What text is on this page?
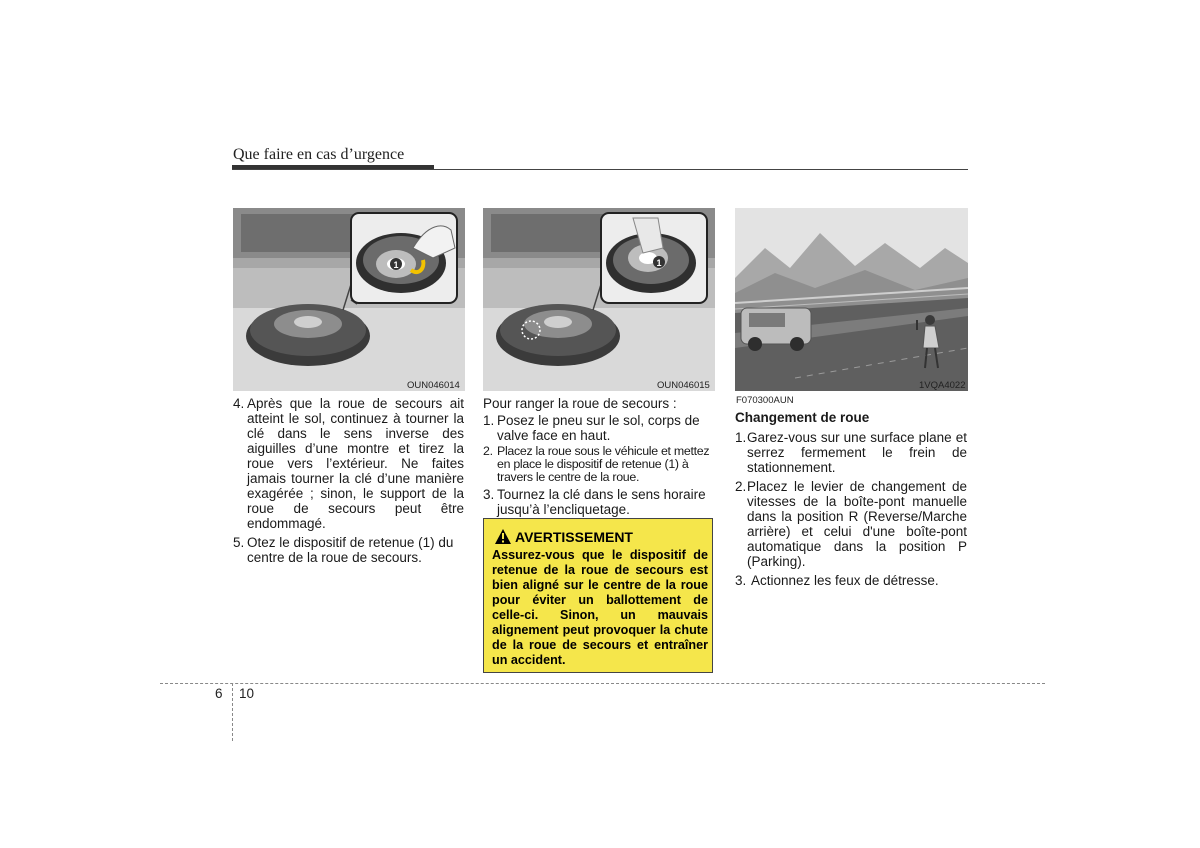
Que faire en cas d’urgence
1
OUN046014
1
OUN046015	1VQA4022
F070300AUN
4. Après que la roue de secours ait atteint le sol, continuez à tourner la clé dans le sens inverse des aiguilles d’une montre et tirez la roue vers l’extérieur. Ne faites jamais tourner la clé d’une manière exagérée ; sinon, le support de la roue de secours peut être endommagé.
5. Otez le dispositif de retenue (1) du centre de la roue de secours.
Pour ranger la roue de secours :
1. Posez le pneu sur le sol, corps de valve face en haut.
2. Placez la roue sous le véhicule et mettez en place le dispositif de retenue (1) à travers le centre de la roue.
3. Tournez la clé dans le sens horaire jusqu’à l’encliquetage.
AVERTISSEMENT
Assurez-vous que le dispositif de retenue de la roue de secours est bien aligné sur le centre de la roue pour éviter un ballottement de celle-ci. Sinon, un mauvais alignement peut provoquer la chute de la roue de secours et entraîner un accident.
Changement de roue
1. Garez-vous sur une surface plane et serrez fermement le frein de stationnement.
2. Placez le levier de changement de vitesses de la boîte-pont manuelle dans la position R (Reverse/Marche arrière) et celui d'une boîte-pont automatique dans la position P (Parking).
3. Actionnez les feux de détresse.
6 10
